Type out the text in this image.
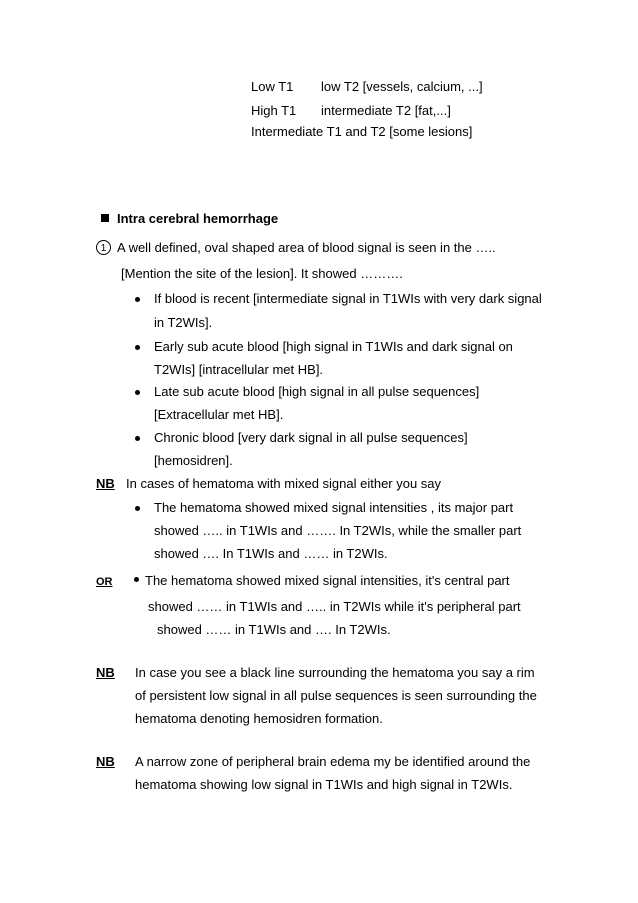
Low T1 low T2 [vessels, calcium, ...]
High T1 intermediate T2 [fat,...]
Intermediate T1 and T2 [some lesions]
Intra cerebral hemorrhage
1 A well defined, oval shaped area of blood signal is seen in the …..
[Mention the site of the lesion]. It showed ……….
If blood is recent [intermediate signal in T1WIs with very dark signal
in T2WIs].
Early sub acute blood [high signal in T1WIs and dark signal on
T2WIs] [intracellular met HB].
Late sub acute blood [high signal in all pulse sequences]
[Extracellular met HB].
Chronic blood [very dark signal in all pulse sequences]
[hemosidren].
NB In cases of hematoma with mixed signal either you say
The hematoma showed mixed signal intensities , its major part
showed ….. in T1WIs and ……. In T2WIs, while the smaller part
showed …. In T1WIs and …… in T2WIs.
OR	The hematoma showed mixed signal intensities, it's central part
showed …… in T1WIs and ….. in T2WIs while it's peripheral part
showed …… in T1WIs and …. In T2WIs.
NB In case you see a black line surrounding the hematoma you say a rim
of persistent low signal in all pulse sequences is seen surrounding the
hematoma denoting hemosidren formation.
NB A narrow zone of peripheral brain edema my be identified around the
hematoma showing low signal in T1WIs and high signal in T2WIs.
